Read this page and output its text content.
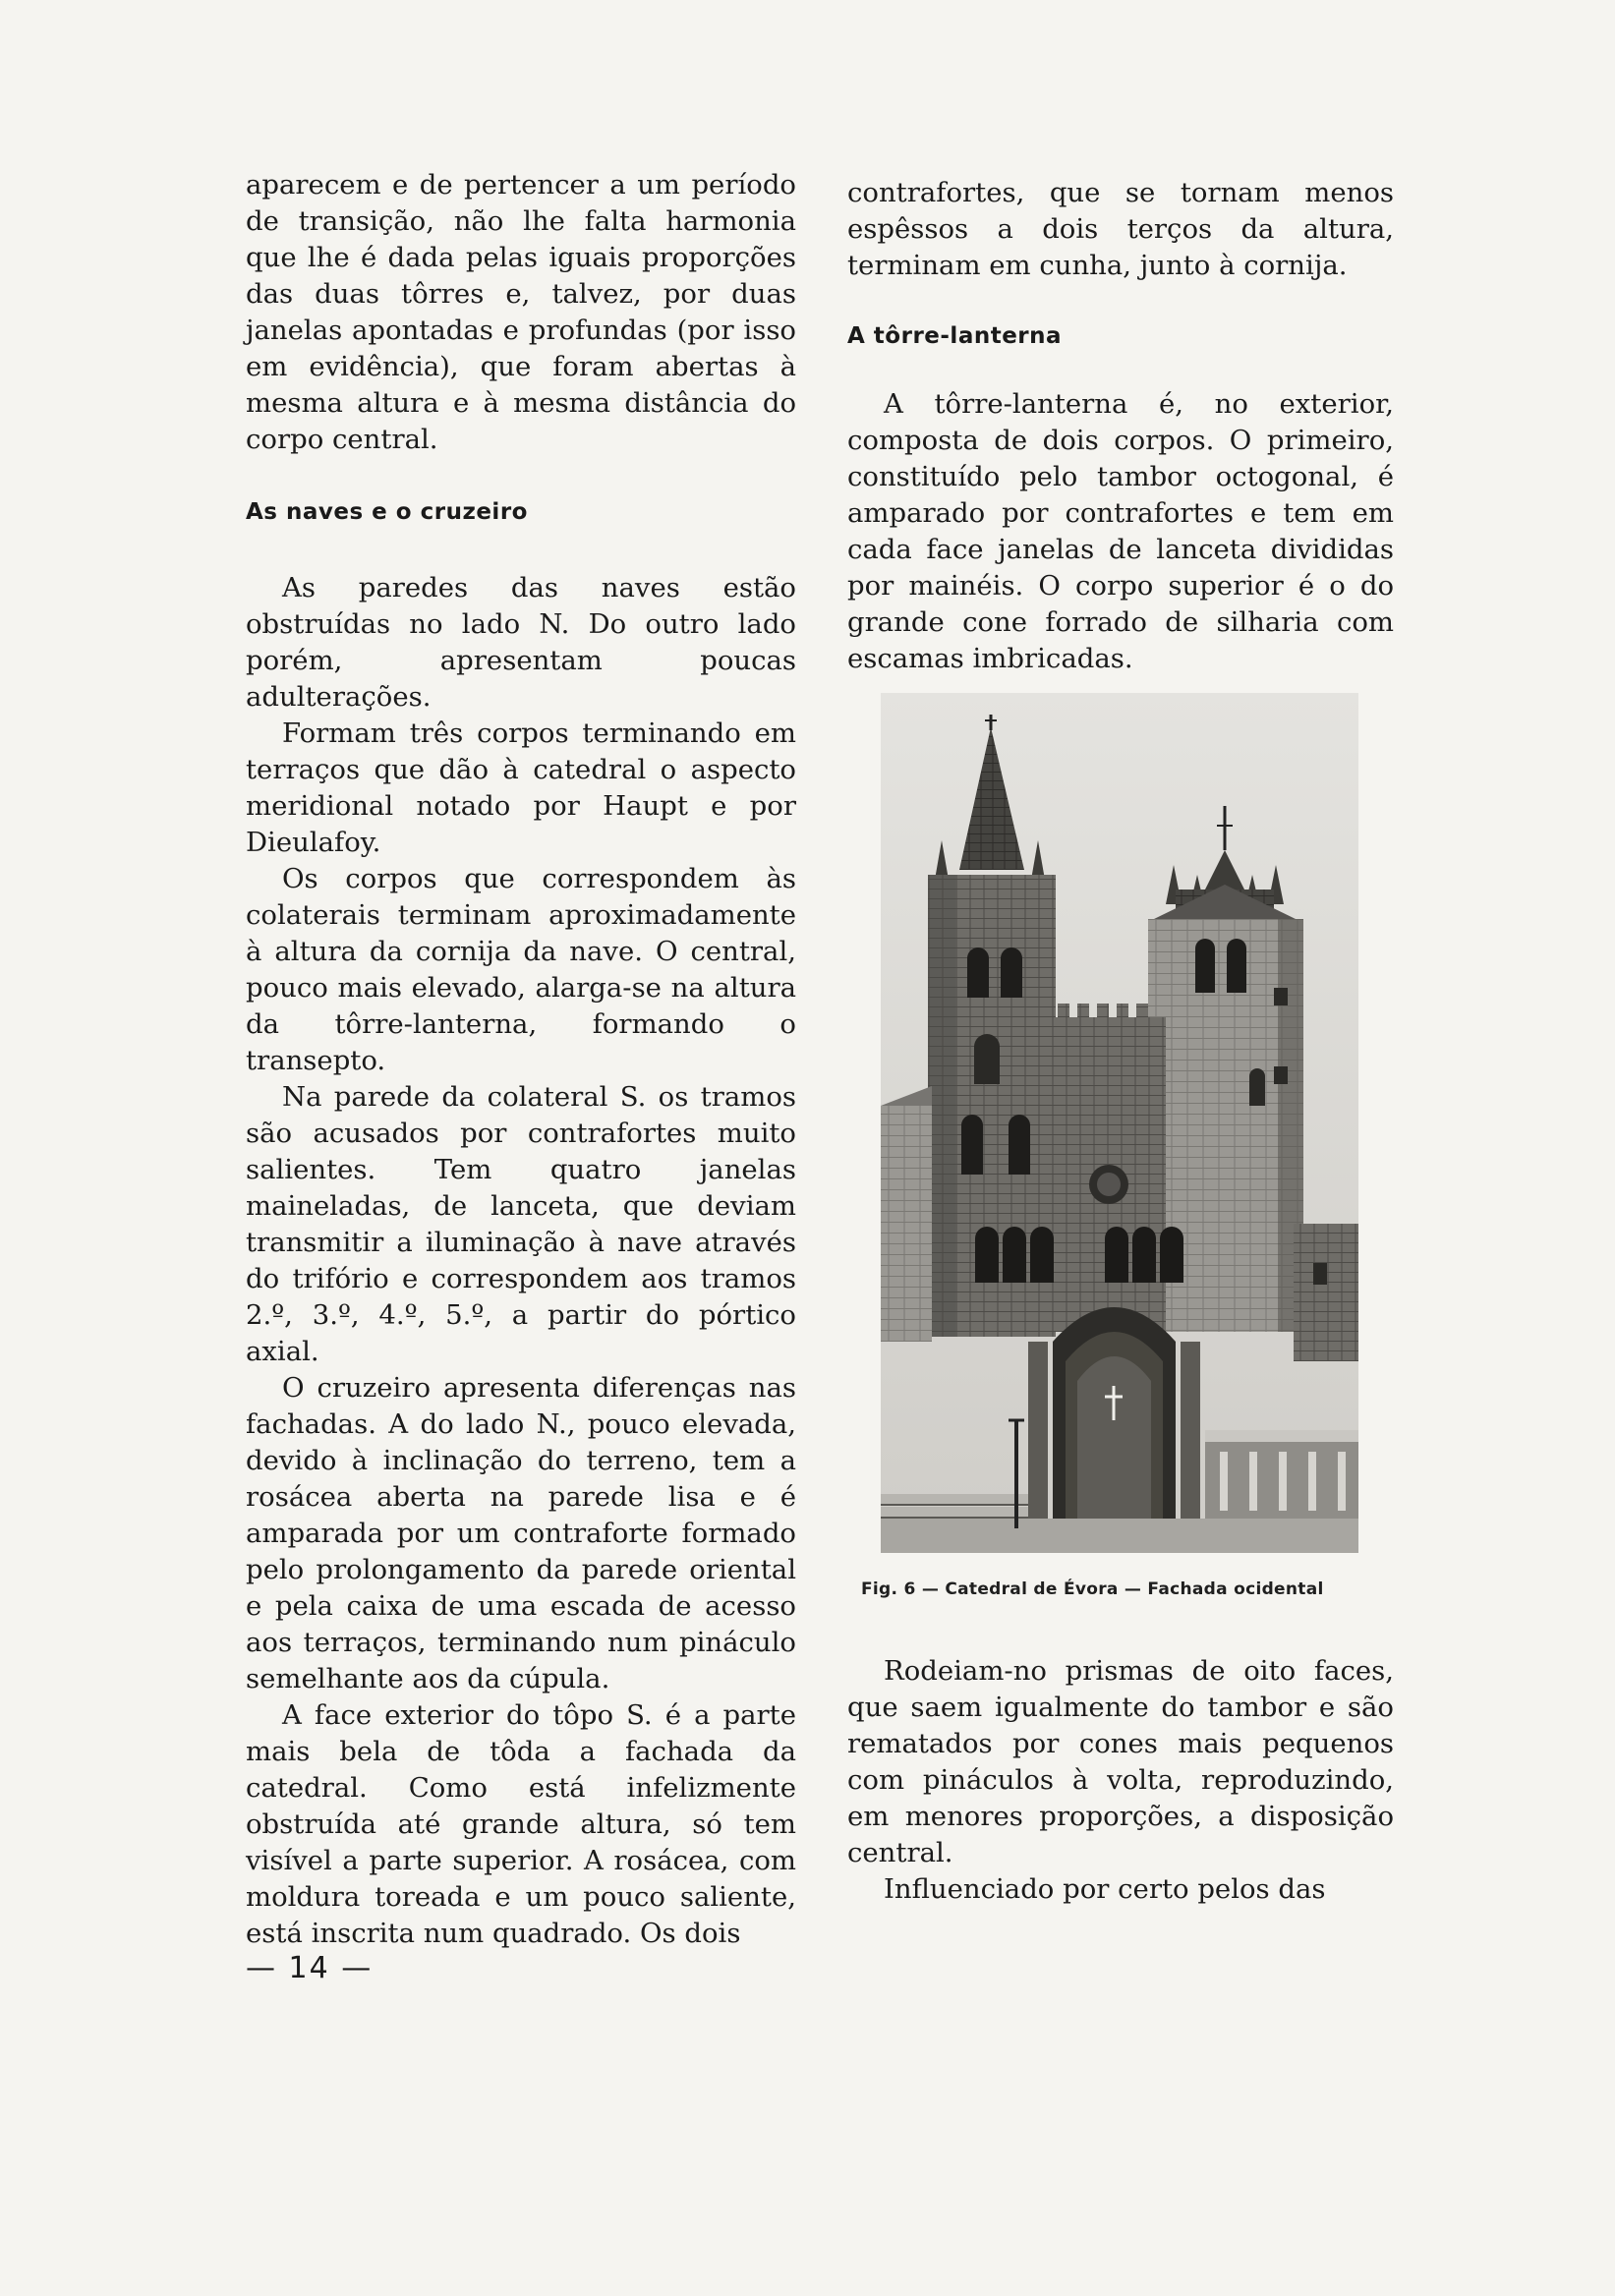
aparecem e de pertencer a um período de transição, não lhe falta harmonia que lhe é dada pelas iguais proporções das duas tôrres e, talvez, por duas janelas apontadas e profundas (por isso em evidência), que foram abertas à mesma altura e à mesma distância do corpo central.

As naves e o cruzeiro

As paredes das naves estão obstruídas no lado N. Do outro lado porém, apresentam poucas adulterações.

Formam três corpos terminando em terraços que dão à catedral o aspecto meridional notado por Haupt e por Dieulafoy.

Os corpos que correspondem às colaterais terminam aproximadamente à altura da cornija da nave. O central, pouco mais elevado, alarga-se na altura da tôrre-lanterna, formando o transepto.

Na parede da colateral S. os tramos são acusados por contrafortes muito salientes. Tem quatro janelas maineladas, de lanceta, que deviam transmitir a iluminação à nave através do trifório e correspondem aos tramos 2.º, 3.º, 4.º, 5.º, a partir do pórtico axial.

O cruzeiro apresenta diferenças nas fachadas. A do lado N., pouco elevada, devido à inclinação do terreno, tem a rosácea aberta na parede lisa e é amparada por um contraforte formado pelo prolongamento da parede oriental e pela caixa de uma escada de acesso aos terraços, terminando num pináculo semelhante aos da cúpula.

A face exterior do tôpo S. é a parte mais bela de tôda a fachada da catedral. Como está infelizmente obstruída até grande altura, só tem visível a parte superior. A rosácea, com moldura toreada e um pouco saliente, está inscrita num quadrado. Os dois

contrafortes, que se tornam menos espêssos a dois terços da altura, terminam em cunha, junto à cornija.

A tôrre-lanterna

A tôrre-lanterna é, no exterior, composta de dois corpos. O primeiro, constituído pelo tambor octogonal, é amparado por contrafortes e tem em cada face janelas de lanceta divididas por mainéis. O corpo superior é o do grande cone forrado de silharia com escamas imbricadas.

Fig. 6 — Catedral de Évora — Fachada ocidental

Rodeiam-no prismas de oito faces, que saem igualmente do tambor e são rematados por cones mais pequenos com pináculos à volta, reproduzindo, em menores proporções, a disposição central.

Influenciado por certo pelos das

— 14 —
